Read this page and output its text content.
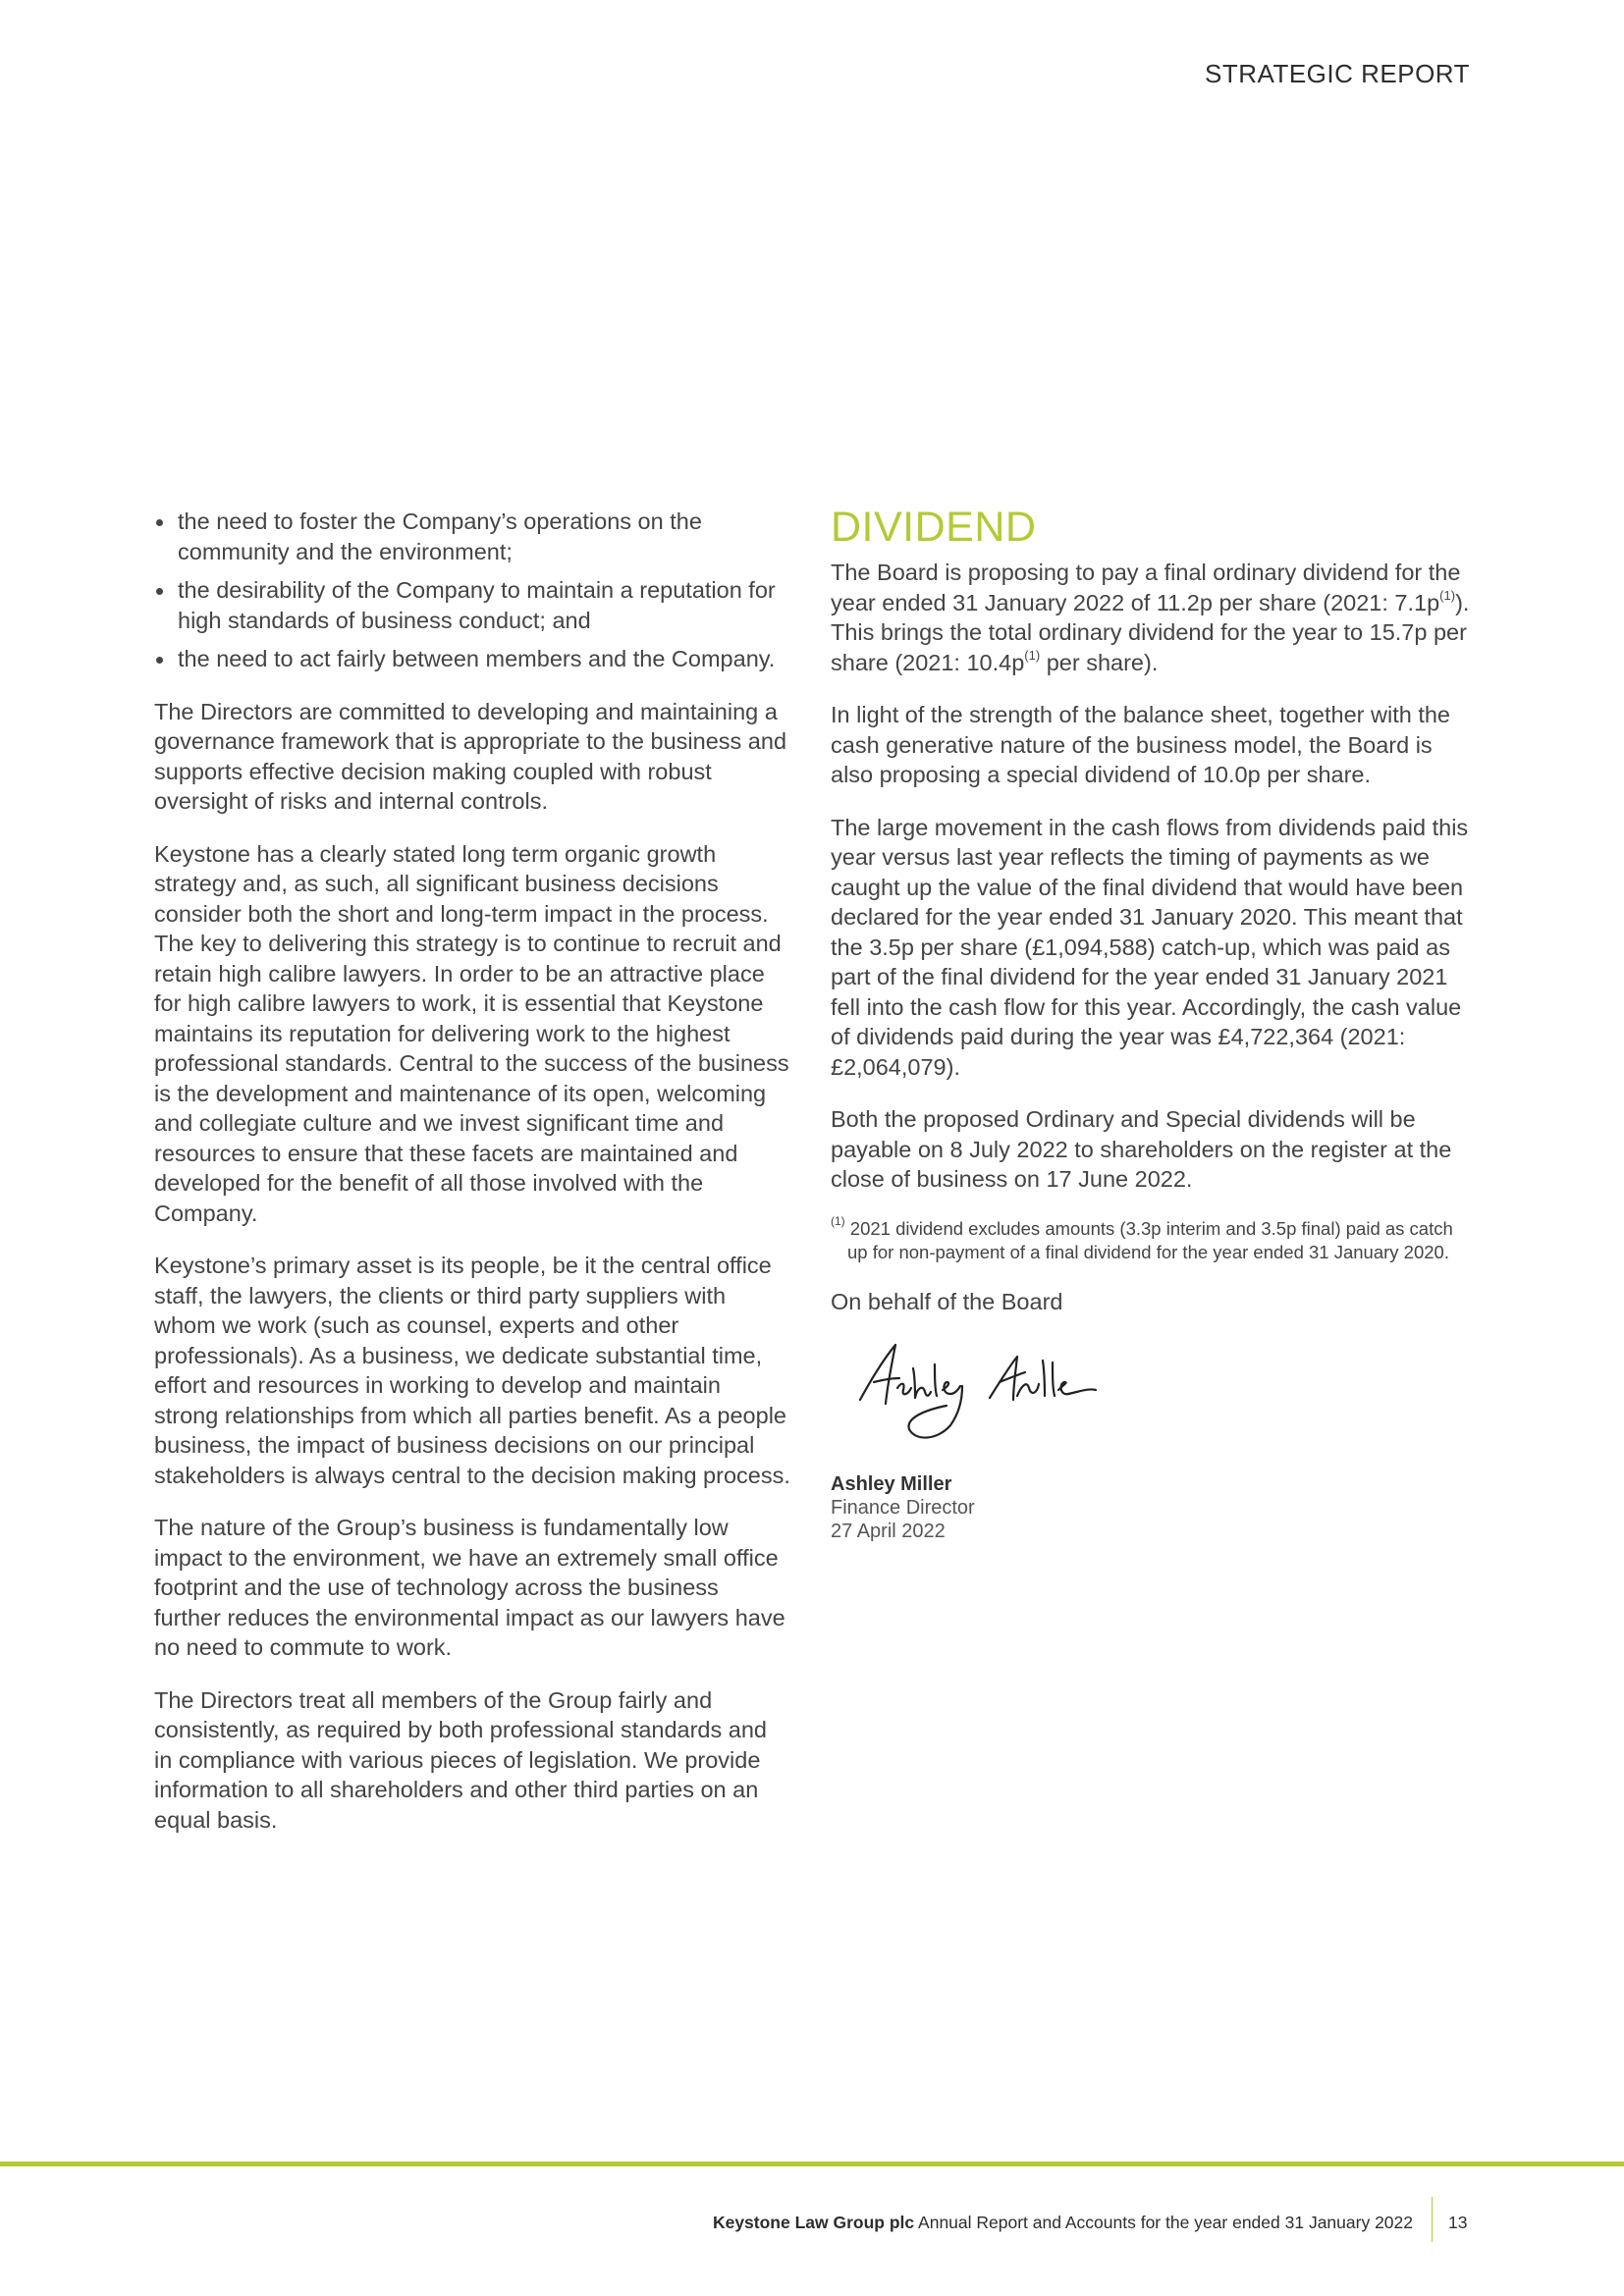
STRATEGIC REPORT
the need to foster the Company’s operations on the community and the environment;
the desirability of the Company to maintain a reputation for high standards of business conduct; and
the need to act fairly between members and the Company.

The Directors are committed to developing and maintaining a governance framework that is appropriate to the business and supports effective decision making coupled with robust oversight of risks and internal controls.

Keystone has a clearly stated long term organic growth strategy and, as such, all significant business decisions consider both the short and long-term impact in the process. The key to delivering this strategy is to continue to recruit and retain high calibre lawyers. In order to be an attractive place for high calibre lawyers to work, it is essential that Keystone maintains its reputation for delivering work to the highest professional standards. Central to the success of the business is the development and maintenance of its open, welcoming and collegiate culture and we invest significant time and resources to ensure that these facets are maintained and developed for the benefit of all those involved with the Company.

Keystone’s primary asset is its people, be it the central office staff, the lawyers, the clients or third party suppliers with whom we work (such as counsel, experts and other professionals). As a business, we dedicate substantial time, effort and resources in working to develop and maintain strong relationships from which all parties benefit. As a people business, the impact of business decisions on our principal stakeholders is always central to the decision making process.

The nature of the Group’s business is fundamentally low impact to the environment, we have an extremely small office footprint and the use of technology across the business further reduces the environmental impact as our lawyers have no need to commute to work.

The Directors treat all members of the Group fairly and consistently, as required by both professional standards and in compliance with various pieces of legislation. We provide information to all shareholders and other third parties on an equal basis.

DIVIDEND

The Board is proposing to pay a final ordinary dividend for the year ended 31 January 2022 of 11.2p per share (2021: $7.1p^{(1)}$). This brings the total ordinary dividend for the year to 15.7p per share (2021: $10.4p^{(1)}$ per share).

In light of the strength of the balance sheet, together with the cash generative nature of the business model, the Board is also proposing a special dividend of 10.0p per share.

The large movement in the cash flows from dividends paid this year versus last year reflects the timing of payments as we caught up the value of the final dividend that would have been declared for the year ended 31 January 2020. This meant that the 3.5p per share (£1,094,588) catch-up, which was paid as part of the final dividend for the year ended 31 January 2021 fell into the cash flow for this year. Accordingly, the cash value of dividends paid during the year was £4,722,364 (2021: £2,064,079).

Both the proposed Ordinary and Special dividends will be payable on 8 July 2022 to shareholders on the register at the close of business on 17 June 2022.

$^{(1)}$ 2021 dividend excludes amounts (3.3p interim and 3.5p final) paid as catch up for non-payment of a final dividend for the year ended 31 January 2020.

On behalf of the Board

Ashley Miller
Finance Director
27 April 2022
Keystone Law Group plc Annual Report and Accounts for the year ended 31 January 2022 13
